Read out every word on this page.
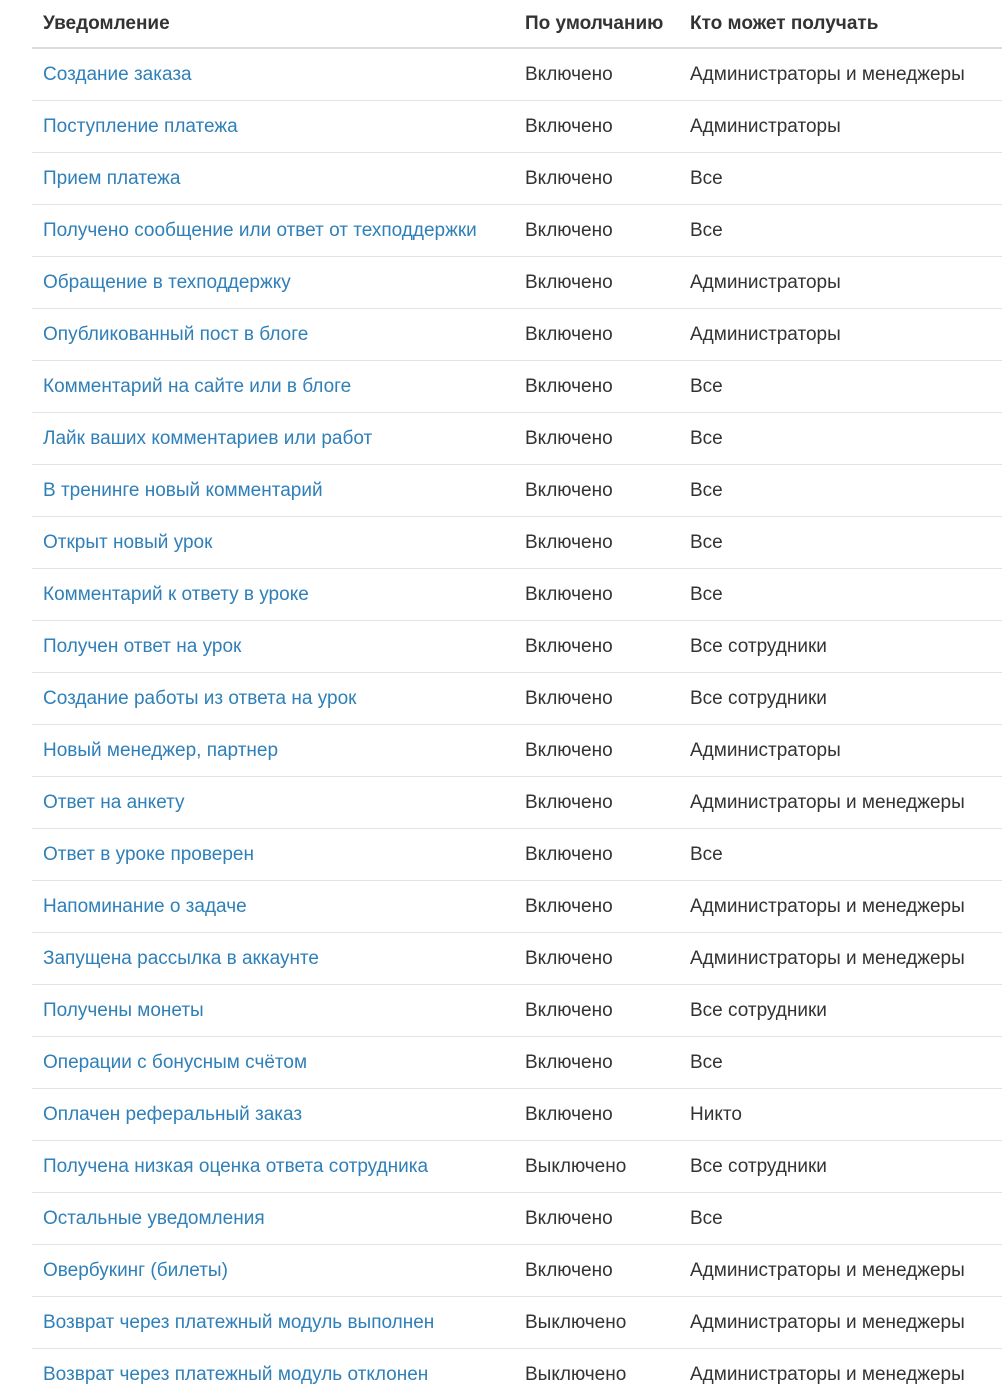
Уведомление	По умолчанию	Кто может получать
Создание заказа	Включено	Администраторы и менеджеры
Поступление платежа	Включено	Администраторы
Прием платежа	Включено	Все
Получено сообщение или ответ от техподдержки	Включено	Все
Обращение в техподдержку	Включено	Администраторы
Опубликованный пост в блоге	Включено	Администраторы
Комментарий на сайте или в блоге	Включено	Все
Лайк ваших комментариев или работ	Включено	Все
В тренинге новый комментарий	Включено	Все
Открыт новый урок	Включено	Все
Комментарий к ответу в уроке	Включено	Все
Получен ответ на урок	Включено	Все сотрудники
Создание работы из ответа на урок	Включено	Все сотрудники
Новый менеджер, партнер	Включено	Администраторы
Ответ на анкету	Включено	Администраторы и менеджеры
Ответ в уроке проверен	Включено	Все
Напоминание о задаче	Включено	Администраторы и менеджеры
Запущена рассылка в аккаунте	Включено	Администраторы и менеджеры
Получены монеты	Включено	Все сотрудники
Операции с бонусным счётом	Включено	Все
Оплачен реферальный заказ	Включено	Никто
Получена низкая оценка ответа сотрудника	Выключено	Все сотрудники
Остальные уведомления	Включено	Все
Овербукинг (билеты)	Включено	Администраторы и менеджеры
Возврат через платежный модуль выполнен	Выключено	Администраторы и менеджеры
Возврат через платежный модуль отклонен	Выключено	Администраторы и менеджеры
